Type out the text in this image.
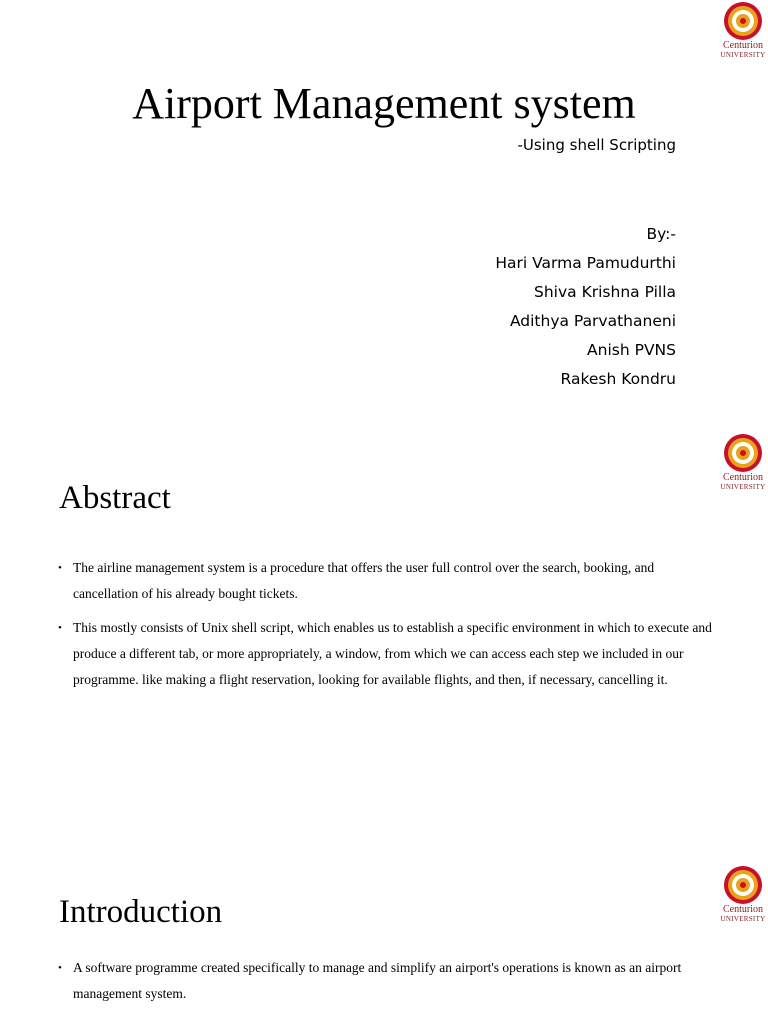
Centurion
UNIVERSITY
Airport Management system
-Using shell Scripting
By:-
Hari Varma Pamudurthi
Shiva Krishna Pilla
Adithya Parvathaneni
Anish PVNS
Rakesh Kondru
Centurion
UNIVERSITY
Abstract
• The airline management system is a procedure that offers the user full control over the search, booking, and cancellation of his already bought tickets.
• This mostly consists of Unix shell script, which enables us to establish a specific environment in which to execute and produce a different tab, or more appropriately, a window, from which we can access each step we included in our programme. like making a flight reservation, looking for available flights, and then, if necessary, cancelling it.
Centurion
UNIVERSITY
Introduction
• A software programme created specifically to manage and simplify an airport's operations is known as an airport management system.
